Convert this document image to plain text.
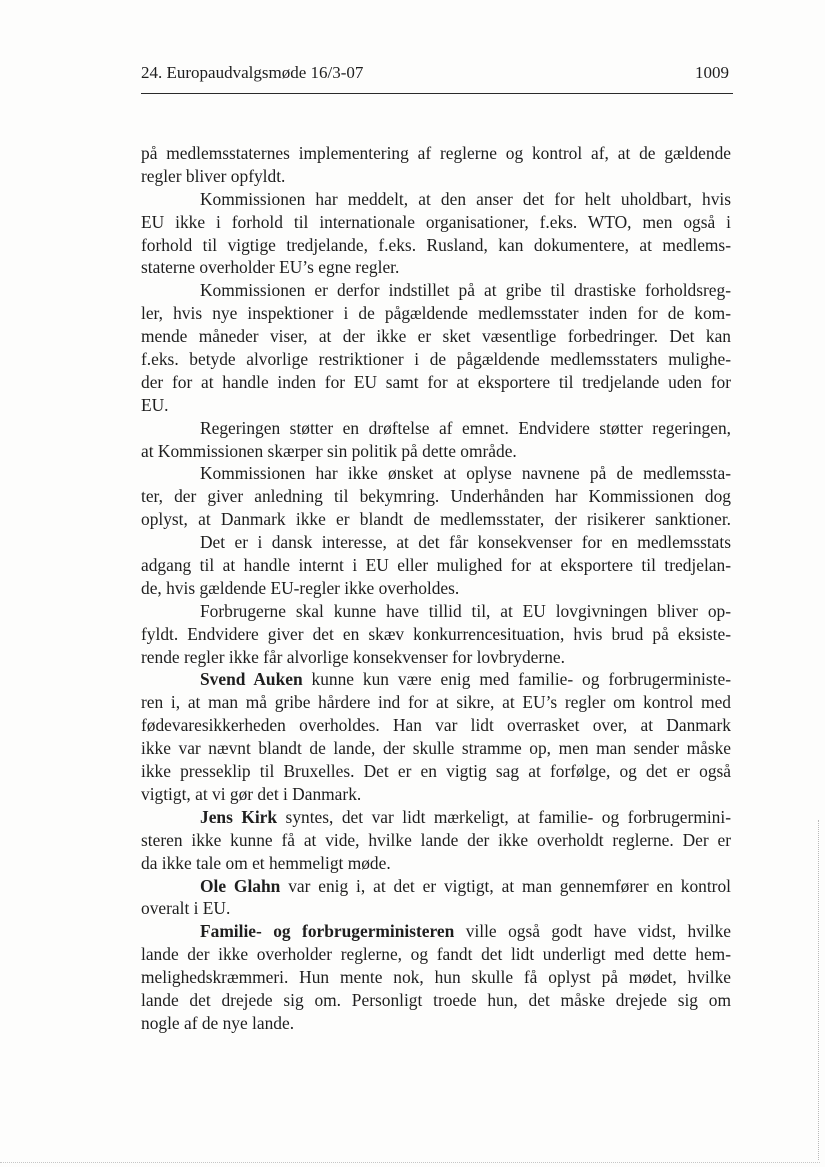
24. Europaudvalgsmøde 16/3-07	1009
på medlemsstaternes implementering af reglerne og kontrol af, at de gældende
regler bliver opfyldt.
Kommissionen har meddelt, at den anser det for helt uholdbart, hvis
EU ikke i forhold til internationale organisationer, f.eks. WTO, men også i
forhold til vigtige tredjelande, f.eks. Rusland, kan dokumentere, at medlems-
staterne overholder EU’s egne regler.
Kommissionen er derfor indstillet på at gribe til drastiske forholdsreg-
ler, hvis nye inspektioner i de pågældende medlemsstater inden for de kom-
mende måneder viser, at der ikke er sket væsentlige forbedringer. Det kan
f.eks. betyde alvorlige restriktioner i de pågældende medlemsstaters mulighe-
der for at handle inden for EU samt for at eksportere til tredjelande uden for
EU.
Regeringen støtter en drøftelse af emnet. Endvidere støtter regeringen,
at Kommissionen skærper sin politik på dette område.
Kommissionen har ikke ønsket at oplyse navnene på de medlemssta-
ter, der giver anledning til bekymring. Underhånden har Kommissionen dog
oplyst, at Danmark ikke er blandt de medlemsstater, der risikerer sanktioner.
Det er i dansk interesse, at det får konsekvenser for en medlemsstats
adgang til at handle internt i EU eller mulighed for at eksportere til tredjelan-
de, hvis gældende EU-regler ikke overholdes.
Forbrugerne skal kunne have tillid til, at EU lovgivningen bliver op-
fyldt. Endvidere giver det en skæv konkurrencesituation, hvis brud på eksiste-
rende regler ikke får alvorlige konsekvenser for lovbryderne.
Svend Auken kunne kun være enig med familie- og forbrugerministe-
ren i, at man må gribe hårdere ind for at sikre, at EU’s regler om kontrol med
fødevaresikkerheden overholdes. Han var lidt overrasket over, at Danmark
ikke var nævnt blandt de lande, der skulle stramme op, men man sender måske
ikke presseklip til Bruxelles. Det er en vigtig sag at forfølge, og det er også
vigtigt, at vi gør det i Danmark.
Jens Kirk syntes, det var lidt mærkeligt, at familie- og forbrugermini-
steren ikke kunne få at vide, hvilke lande der ikke overholdt reglerne. Der er
da ikke tale om et hemmeligt møde.
Ole Glahn var enig i, at det er vigtigt, at man gennemfører en kontrol
overalt i EU.
Familie- og forbrugerministeren ville også godt have vidst, hvilke
lande der ikke overholder reglerne, og fandt det lidt underligt med dette hem-
melighedskræmmeri. Hun mente nok, hun skulle få oplyst på mødet, hvilke
lande det drejede sig om. Personligt troede hun, det måske drejede sig om
nogle af de nye lande.
